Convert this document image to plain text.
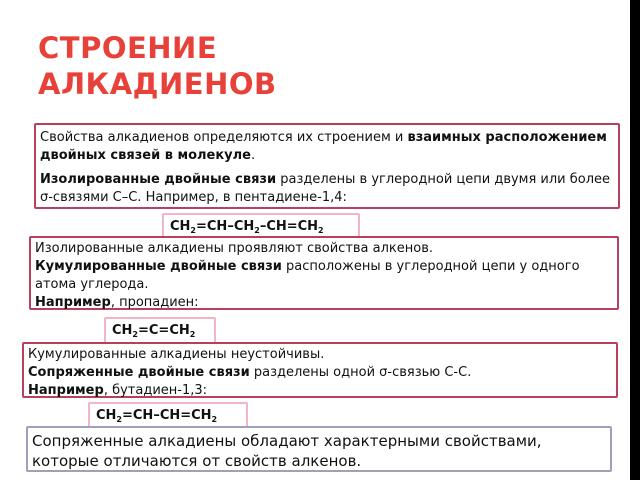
СТРОЕНИЕ
АЛКАДИЕНОВ

Свойства алкадиенов определяются их строением и взаимных расположением двойных связей в молекуле.

Изолированные двойные связи разделены в углеродной цепи двумя или более σ-связями С–С. Например, в пентадиене-1,4:

$CH_2=CH-CH_2-CH=CH_2$

Изолированные алкадиены проявляют свойства алкенов.

Кумулированные двойные связи расположены в углеродной цепи у одного атома углерода.

Например, пропадиен:

$CH_2=C=CH_2$

Кумулированные алкадиены неустойчивы.

Сопряженные двойные связи разделены одной σ-связью С-С.

Например, бутадиен-1,3:

$CH_2=CH-CH=CH_2$

Сопряженные алкадиены обладают характерными свойствами, которые отличаются от свойств алкенов.
